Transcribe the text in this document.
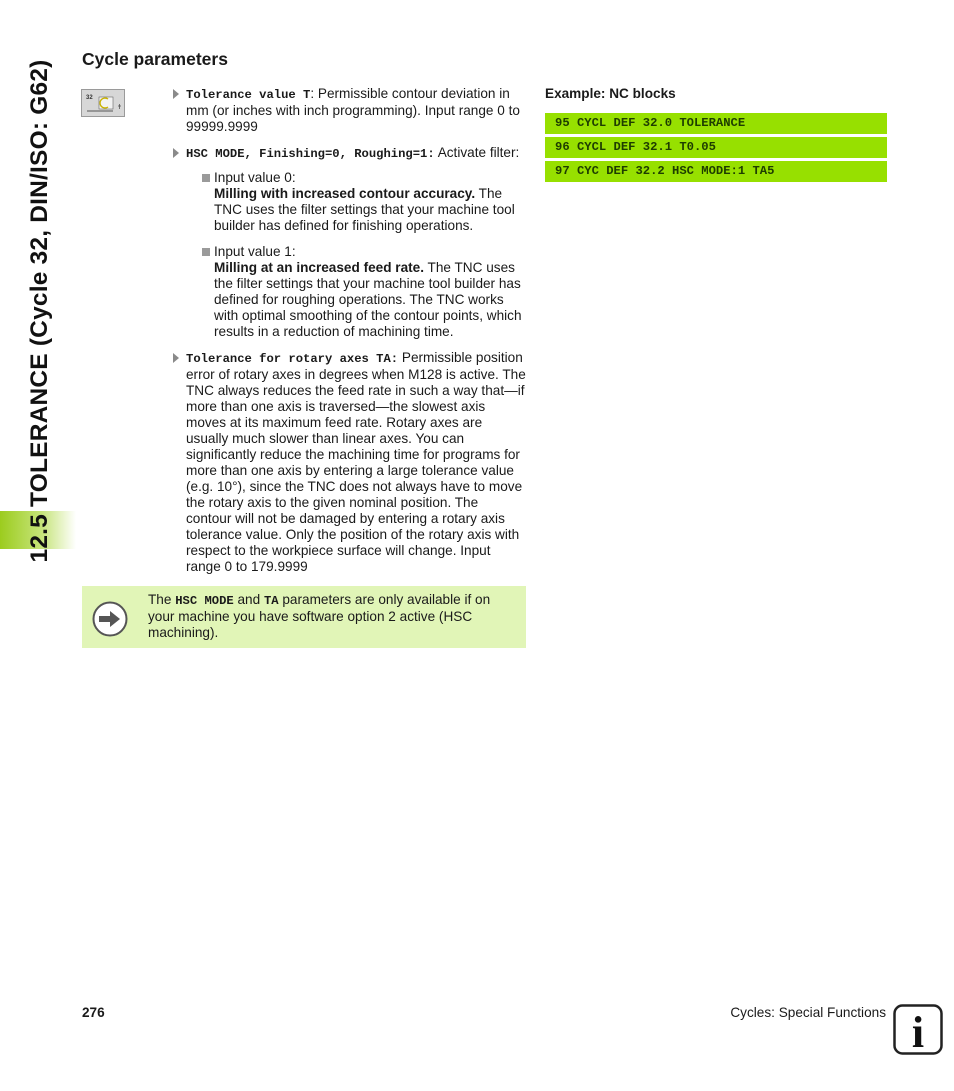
12.5 TOLERANCE (Cycle 32, DIN/ISO: G62)
Cycle parameters
32	Tolerance value T: Permissible contour deviation in mm (or inches with inch programming). Input range 0 to 99999.9999
HSC MODE, Finishing=0, Roughing=1: Activate filter:
Input value 0:
Milling with increased contour accuracy. The TNC uses the filter settings that your machine tool builder has defined for finishing operations.
Input value 1:
Milling at an increased feed rate. The TNC uses the filter settings that your machine tool builder has defined for roughing operations. The TNC works with optimal smoothing of the contour points, which results in a reduction of machining time.
Tolerance for rotary axes TA: Permissible position error of rotary axes in degrees when M128 is active. The TNC always reduces the feed rate in such a way that—if more than one axis is traversed—the slowest axis moves at its maximum feed rate. Rotary axes are usually much slower than linear axes. You can significantly reduce the machining time for programs for more than one axis by entering a large tolerance value (e.g. 10°), since the TNC does not always have to move the rotary axis to the given nominal position. The contour will not be damaged by entering a rotary axis tolerance value. Only the position of the rotary axis with respect to the workpiece surface will change. Input range 0 to 179.9999
The HSC MODE and TA parameters are only available if on your machine you have software option 2 active (HSC machining).
Example: NC blocks
95 CYCL DEF 32.0 TOLERANCE
96 CYCL DEF 32.1 T0.05
97 CYC DEF 32.2 HSC MODE:1 TA5
276	Cycles: Special Functions i
